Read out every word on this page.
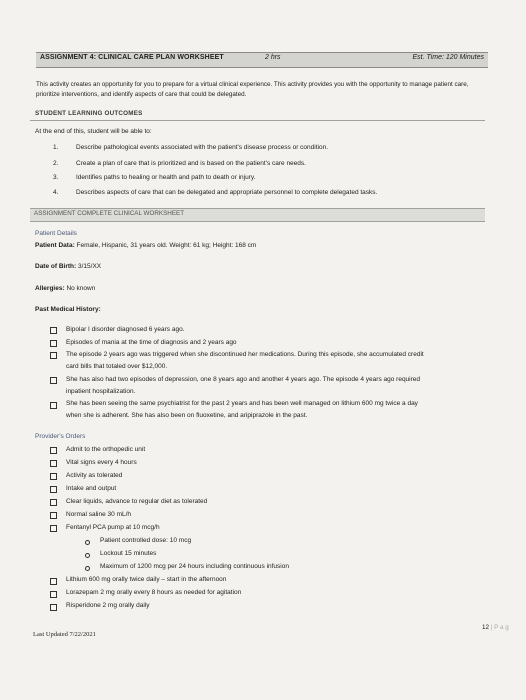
ASSIGNMENT 4: CLINICAL CARE PLAN WORKSHEET	2 hrs	Est. Time: 120 Minutes
This activity creates an opportunity for you to prepare for a virtual clinical experience. This activity provides you with the opportunity to manage patient care, prioritize interventions, and identify aspects of care that could be delegated.
STUDENT LEARNING OUTCOMES
At the end of this, student will be able to:
1.	Describe pathological events associated with the patient's disease process or condition.
2.	Create a plan of care that is prioritized and is based on the patient's care needs.
3.	Identifies paths to healing or health and path to death or injury.
4.	Describes aspects of care that can be delegated and appropriate personnel to complete delegated tasks.
ASSIGNMENT COMPLETE CLINICAL WORKSHEET
Patient Details
Patient Data: Female, Hispanic, 31 years old. Weight: 61 kg; Height: 168 cm
Date of Birth: 3/15/XX
Allergies: No known
Past Medical History:
Bipolar I disorder diagnosed 6 years ago.
Episodes of mania at the time of diagnosis and 2 years ago
The episode 2 years ago was triggered when she discontinued her medications. During this episode, she accumulated credit
card bills that totaled over $12,000.
She has also had two episodes of depression, one 8 years ago and another 4 years ago. The episode 4 years ago required
inpatient hospitalization.
She has been seeing the same psychiatrist for the past 2 years and has been well managed on lithium 600 mg twice a day
when she is adherent. She has also been on fluoxetine, and aripiprazole in the past.
Provider's Orders
Admit to the orthopedic unit
Vital signs every 4 hours
Activity as tolerated
Intake and output
Clear liquids, advance to regular diet as tolerated
Normal saline 30 mL/h
Fentanyl PCA pump at 10 mcg/h
Patient controlled dose: 10 mcg
Lockout 15 minutes
Maximum of 1200 mcg per 24 hours including continuous infusion
Lithium 600 mg orally twice daily – start in the afternoon
Lorazepam 2 mg orally every 8 hours as needed for agitation
Risperidone 2 mg orally daily
Last Updated 7/22/2021
12 | P a g
